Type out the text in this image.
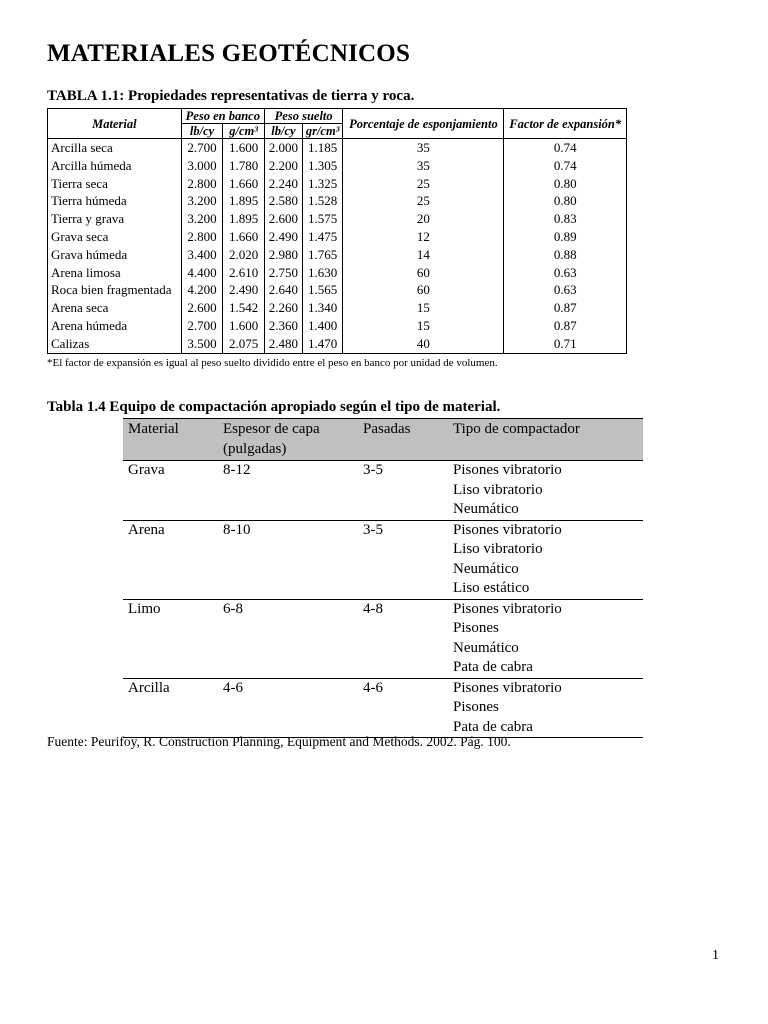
MATERIALES GEOTÉCNICOS
TABLA 1.1: Propiedades representativas de tierra y roca.
Material	Peso en banco		Peso suelto		Porcentaje de esponjamiento	Factor de expansión*
	lb/cy	g/cm³	lb/cy	gr/cm³		
Arcilla seca	2.700	1.600	2.000	1.185	35	0.74
Arcilla húmeda	3.000	1.780	2.200	1.305	35	0.74
Tierra seca	2.800	1.660	2.240	1.325	25	0.80
Tierra húmeda	3.200	1.895	2.580	1.528	25	0.80
Tierra y grava	3.200	1.895	2.600	1.575	20	0.83
Grava seca	2.800	1.660	2.490	1.475	12	0.89
Grava húmeda	3.400	2.020	2.980	1.765	14	0.88
Arena limosa	4.400	2.610	2.750	1.630	60	0.63
Roca bien fragmentada	4.200	2.490	2.640	1.565	60	0.63
Arena seca	2.600	1.542	2.260	1.340	15	0.87
Arena húmeda	2.700	1.600	2.360	1.400	15	0.87
Calizas	3.500	2.075	2.480	1.470	40	0.71
*El factor de expansión es igual al peso suelto dividido entre el peso en banco por unidad de volumen.
Tabla 1.4 Equipo de compactación apropiado según el tipo de material.
Material	Espesor de capa (pulgadas)	Pasadas	Tipo de compactador
Grava	8-12	3-5	Pisones vibratorio
Liso vibratorio
Neumático

Arena	8-10	3-5	Pisones vibratorio
Liso vibratorio
Neumático
Liso estático

Limo	6-8	4-8	Pisones vibratorio
Pisones
Neumático
Pata de cabra

Arcilla	4-6	4-6	Pisones vibratorio
Pisones
Pata de cabra
Fuente: Peurifoy, R. Construction Planning, Equipment and Methods. 2002. Pág. 100.
1
